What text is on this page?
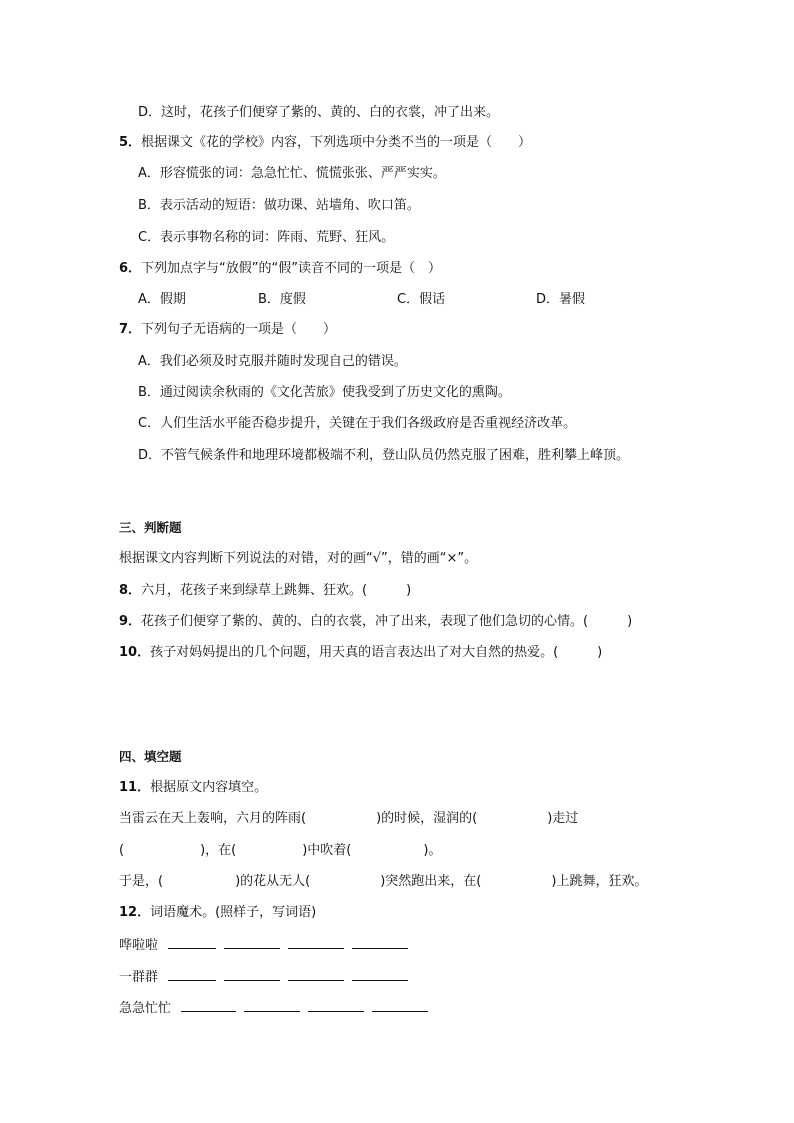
D．这时，花孩子们便穿了紫的、黄的、白的衣裳，冲了出来。
5．根据课文《花的学校》内容，下列选项中分类不当的一项是（　　）
A．形容慌张的词：急急忙忙、慌慌张张、严严实实。
B．表示活动的短语：做功课、站墙角、吹口笛。
C．表示事物名称的词：阵雨、荒野、狂风。
6．下列加点字与“放假”的“假”读音不同的一项是（　）
A．假期	B．度假	C．假话	D．暑假
7．下列句子无语病的一项是（　　）
A．我们必须及时克服并随时发现自己的错误。
B．通过阅读余秋雨的《文化苦旅》使我受到了历史文化的熏陶。
C．人们生活水平能否稳步提升，关键在于我们各级政府是否重视经济改革。
D．不管气候条件和地理环境都极端不利，登山队员仍然克服了困难，胜利攀上峰顶。
三、判断题
根据课文内容判断下列说法的对错，对的画“√”，错的画“×”。
8．六月，花孩子来到绿草上跳舞、狂欢。(　　　)
9．花孩子们便穿了紫的、黄的、白的衣裳，冲了出来，表现了他们急切的心情。(　　　)
10．孩子对妈妈提出的几个问题，用天真的语言表达出了对大自然的热爱。(　　　)
四、填空题
11．根据原文内容填空。
当雷云在天上轰响，六月的阵雨(	)的时候，湿润的(	)走过
(	)，在(	)中吹着(	)。
于是，(	)的花从无人(	)突然跑出来，在(	)上跳舞，狂欢。
12．词语魔术。(照样子，写词语)
哗啦啦
一群群
急急忙忙
